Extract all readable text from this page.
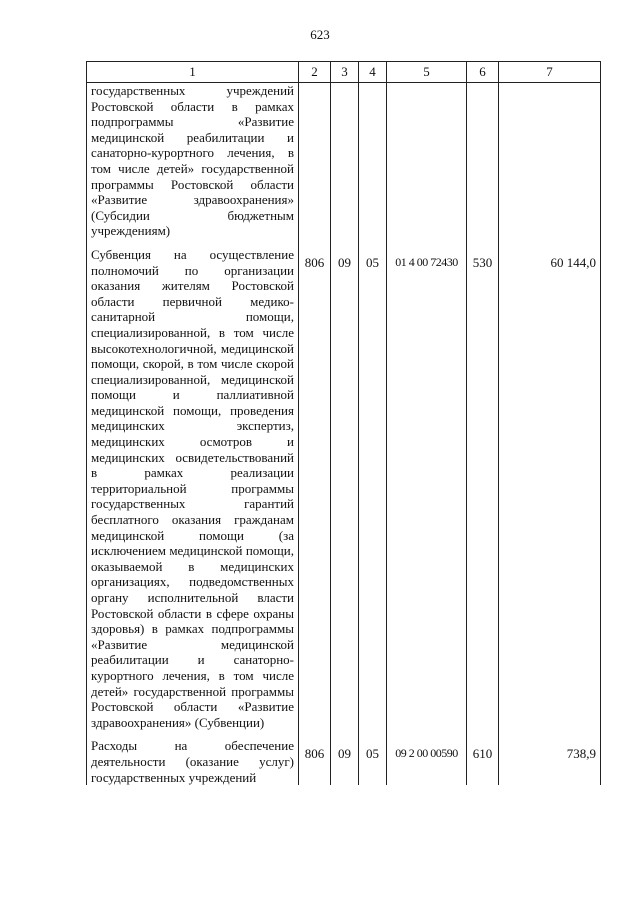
623
1	2	3	4	5	6	7
государственных учреждений Ростовской области в рамках подпрограммы «Развитие медицинской реабилитации и санаторно-курортного лечения, в том числе детей» государственной программы Ростовской области «Развитие здравоохранения» (Субсидии бюджетным учреждениям)						
Субвенция на осуществление полномочий по организации оказания жителям Ростовской области первичной медико-санитарной помощи, специализированной, в том числе высокотехнологичной, медицинской помощи, скорой, в том числе скорой специализированной, медицинской помощи и паллиативной медицинской помощи, проведения медицинских экспертиз, медицинских осмотров и медицинских освидетельствований в рамках реализации территориальной программы государственных гарантий бесплатного оказания гражданам медицинской помощи (за исключением медицинской помощи, оказываемой в медицинских организациях, подведомственных органу исполнительной власти Ростовской области в сфере охраны здоровья) в рамках подпрограммы «Развитие медицинской реабилитации и санаторно-курортного лечения, в том числе детей» государственной программы Ростовской области «Развитие здравоохранения» (Субвенции)	806	09	05	01 4 00 72430	530	60 144,0
Расходы на обеспечение деятельности (оказание услуг) государственных учреждений	806	09	05	09 2 00 00590	610	738,9
